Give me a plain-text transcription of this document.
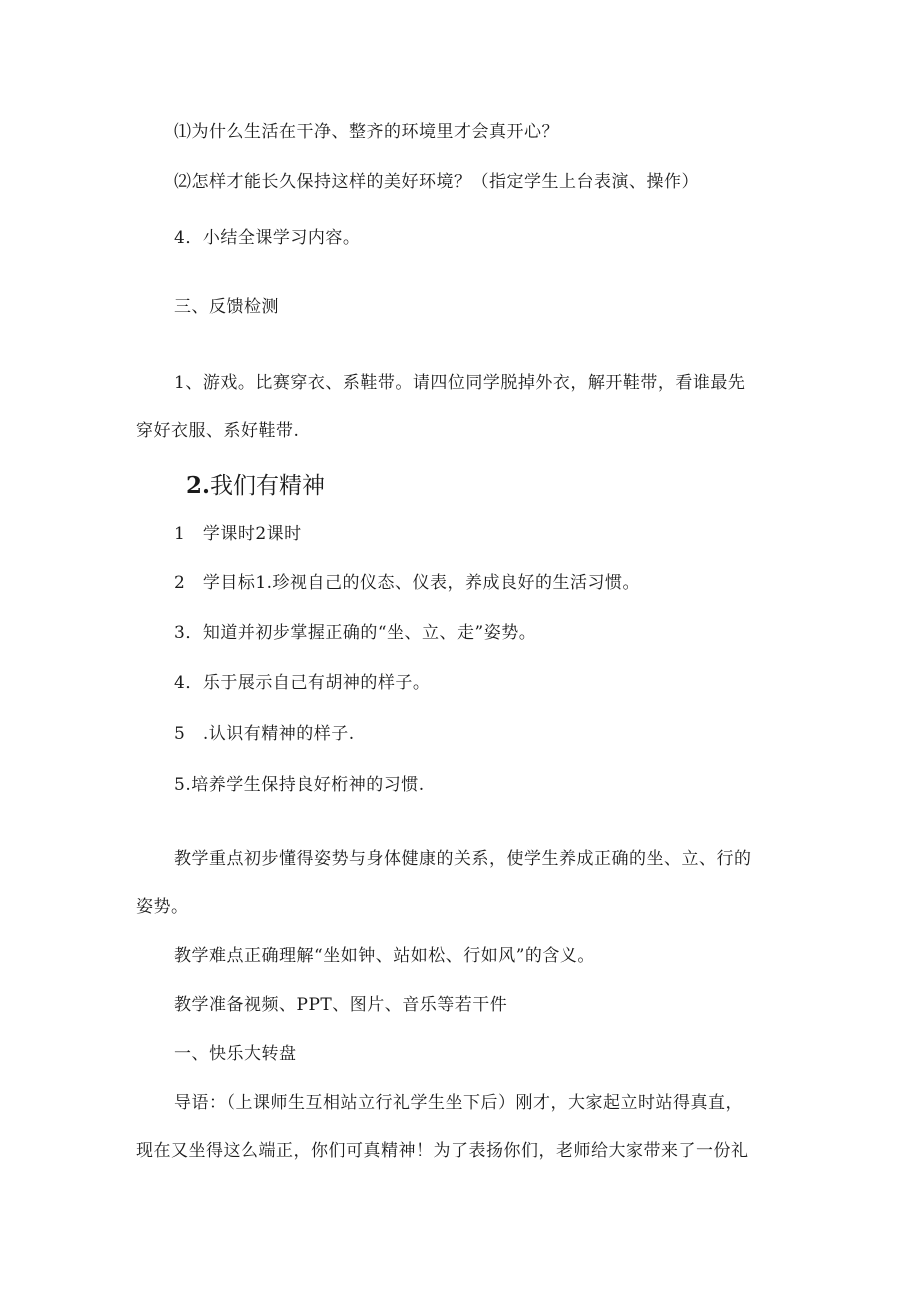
⑴为什么生活在干净、整齐的环境里才会真开心？
⑵怎样才能长久保持这样的美好环境？（指定学生上台表演、操作）
4．小结全课学习内容。
三、反馈检测
1、游戏。比赛穿衣、系鞋带。请四位同学脱掉外衣，解开鞋带，看谁最先
穿好衣服、系好鞋带.
2.我们有精神
1　学课时2课时
2　学目标1.珍视自己的仪态、仪表，养成良好的生活习惯。
3．知道并初步掌握正确的“坐、立、走”姿势。
4．乐于展示自己有胡神的样子。
5　.认识有精神的样子.
5.培养学生保持良好桁神的习惯.
教学重点初步懂得姿势与身体健康的关系，使学生养成正确的坐、立、行的
姿势。
教学难点正确理解“坐如钟、站如松、行如风”的含义。
教学准备视频、PPT、图片、音乐等若干件
一、快乐大转盘
导语：（上课师生互相站立行礼学生坐下后）刚才，大家起立时站得真直，
现在又坐得这么端正，你们可真精神！为了表扬你们，老师给大家带来了一份礼
